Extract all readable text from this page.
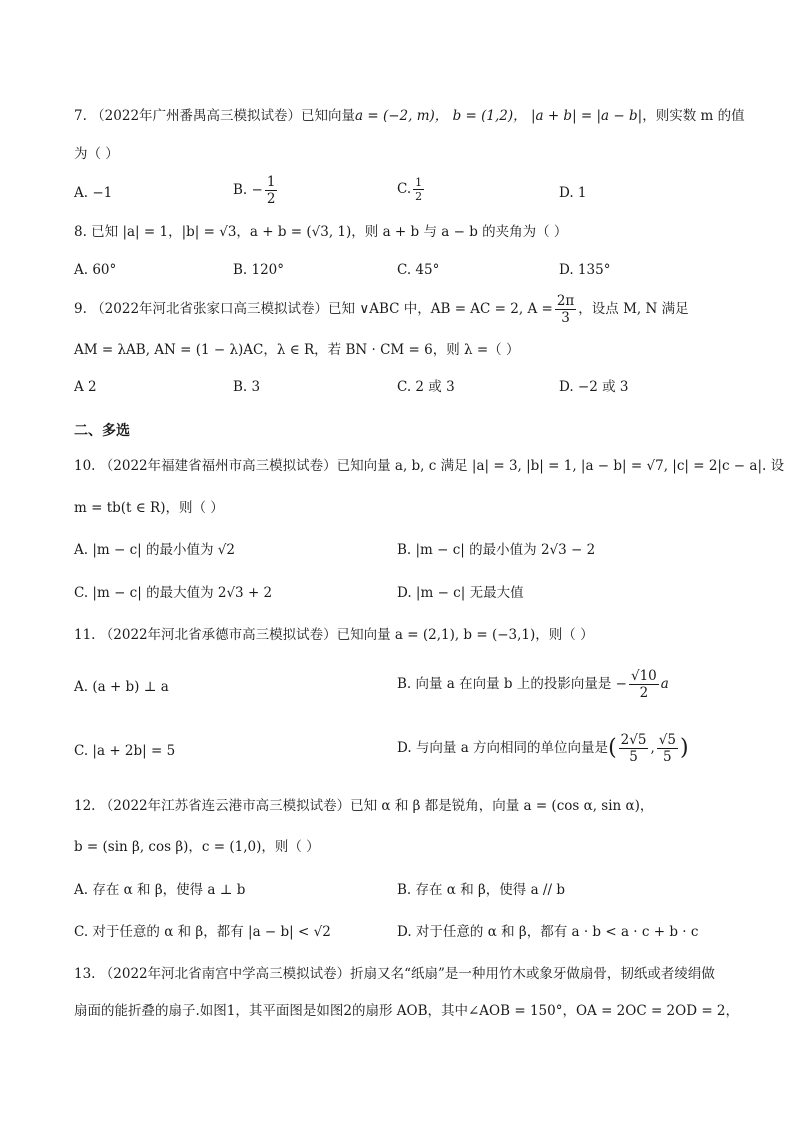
7. （2022年广州番禺高三模拟试卷）已知向量a = (−2, m)， b = (1,2)， |a + b| = |a − b|，则实数 m 的值
为（ ）
A. −1	B. − $\frac{1}{2}$	C. $\frac{1}{2}$	D. 1
8. 已知 |a| = 1，|b| = √3，a + b = (√3, 1)，则 a + b 与 a − b 的夹角为（ ）
A. 60°	B. 120°	C. 45°	D. 135°
9. （2022年河北省张家口高三模拟试卷）已知 ∨ABC 中，AB = AC = 2, $A = \frac{2\pi}{3}$ ，设点 M, N 满足
AM = λAB, AN = (1 − λ)AC，λ ∈ R，若 BN · CM = 6，则 λ =（ ）
A 2	B. 3	C. 2 或 3	D. −2 或 3
二、多选
10. （2022年福建省福州市高三模拟试卷）已知向量 a, b, c 满足 |a| = 3, |b| = 1, |a − b| = √7, |c| = 2|c − a|. 设
m = tb(t ∈ R)，则（ ）
A. |m − c| 的最小值为 √2	B. |m − c| 的最小值为 2√3 − 2
C. |m − c| 的最大值为 2√3 + 2	D. |m − c| 无最大值
11. （2022年河北省承德市高三模拟试卷）已知向量 a = (2,1), b = (−3,1)，则（ ）
A. (a + b) ⊥ a	B. 向量 a 在向量 b 上的投影向量是 − $\frac{√10}{2}$ a
C. |a + 2b| = 5	D. 与向量 a 方向相同的单位向量是( $\frac{2√5}{5}$ , $\frac{√5}{5}$ )
12. （2022年江苏省连云港市高三模拟试卷）已知 α 和 β 都是锐角，向量 a = (cos α, sin α)，
b = (sin β, cos β)，c = (1,0)，则（ ）
A. 存在 α 和 β，使得 a ⊥ b	B. 存在 α 和 β，使得 a // b
C. 对于任意的 α 和 β，都有 |a − b| < √2	D. 对于任意的 α 和 β，都有 a · b < a · c + b · c
13. （2022年河北省南宫中学高三模拟试卷）折扇又名“纸扇”是一种用竹木或象牙做扇骨，韧纸或者绫绢做
扇面的能折叠的扇子.如图1，其平面图是如图2的扇形 AOB，其中∠AOB = 150°，OA = 2OC = 2OD = 2，
